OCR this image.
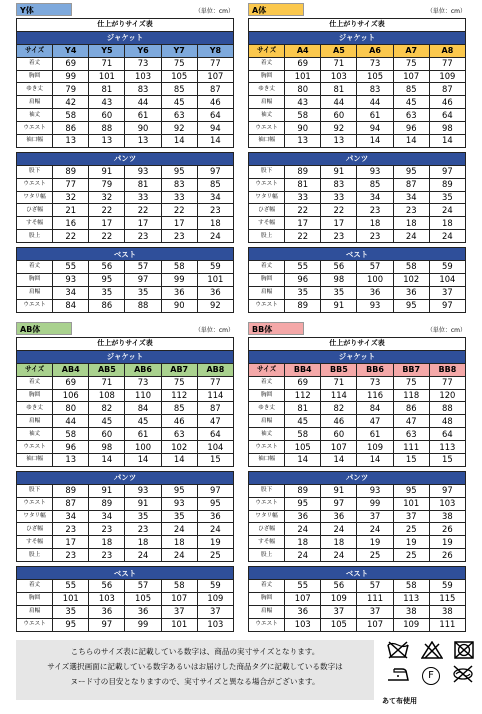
Y体	（単位：cm）
仕上がりサイズ表					
ジャケット					
サイズ	Y4	Y5	Y6	Y7	Y8
着丈	69	71	73	75	77
胸囲	99	101	103	105	107
ゆき丈	79	81	83	85	87
肩幅	42	43	44	45	46
袖丈	58	60	61	63	64
ウエスト	86	88	90	92	94
袖口幅	13	13	13	14	14

パンツ					
股下	89	91	93	95	97
ウエスト	77	79	81	83	85
ワタリ幅	32	32	33	33	34
ひざ幅	21	22	22	22	23
すそ幅	16	17	17	17	18
股上	22	22	23	23	24

ベスト					
着丈	55	56	57	58	59
胸囲	93	95	97	99	101
肩幅	34	35	35	36	36
ウエスト	84	86	88	90	92
A体	（単位：cm）
仕上がりサイズ表					
ジャケット					
サイズ	A4	A5	A6	A7	A8
着丈	69	71	73	75	77
胸囲	101	103	105	107	109
ゆき丈	80	81	83	85	87
肩幅	43	44	44	45	46
袖丈	58	60	61	63	64
ウエスト	90	92	94	96	98
袖口幅	13	13	14	14	14

パンツ					
股下	89	91	93	95	97
ウエスト	81	83	85	87	89
ワタリ幅	33	33	34	34	35
ひざ幅	22	22	23	23	24
すそ幅	17	17	18	18	18
股上	22	23	23	24	24

ベスト					
着丈	55	56	57	58	59
胸囲	96	98	100	102	104
肩幅	35	35	36	36	37
ウエスト	89	91	93	95	97
AB体	（単位：cm）
仕上がりサイズ表					
ジャケット					
サイズ	AB4	AB5	AB6	AB7	AB8
着丈	69	71	73	75	77
胸囲	106	108	110	112	114
ゆき丈	80	82	84	85	87
肩幅	44	45	45	46	47
袖丈	58	60	61	63	64
ウエスト	96	98	100	102	104
袖口幅	13	14	14	14	15

パンツ					
股下	89	91	93	95	97
ウエスト	87	89	91	93	95
ワタリ幅	34	34	35	35	36
ひざ幅	23	23	23	24	24
すそ幅	17	18	18	18	19
股上	23	23	24	24	25

ベスト					
着丈	55	56	57	58	59
胸囲	101	103	105	107	109
肩幅	35	36	36	37	37
ウエスト	95	97	99	101	103
BB体	（単位：cm）
仕上がりサイズ表					
ジャケット					
サイズ	BB4	BB5	BB6	BB7	BB8
着丈	69	71	73	75	77
胸囲	112	114	116	118	120
ゆき丈	81	82	84	86	88
肩幅	45	46	47	47	48
袖丈	58	60	61	63	64
ウエスト	105	107	109	111	113
袖口幅	14	14	14	15	15

パンツ					
股下	89	91	93	95	97
ウエスト	95	97	99	101	103
ワタリ幅	36	36	37	37	38
ひざ幅	24	24	24	25	26
すそ幅	18	18	19	19	19
股上	24	24	25	25	26

ベスト					
着丈	55	56	57	58	59
胸囲	107	109	111	113	115
肩幅	36	37	37	38	38
ウエスト	103	105	107	109	111
こちらのサイズ表に記載している数字は、商品の実寸サイズとなります。
サイズ選択画面に記載している数字あるいはお届けした商品タグに記載している数字は
ヌード寸の目安となりますので、実寸サイズと異なる場合がございます。
F
あて布使用
